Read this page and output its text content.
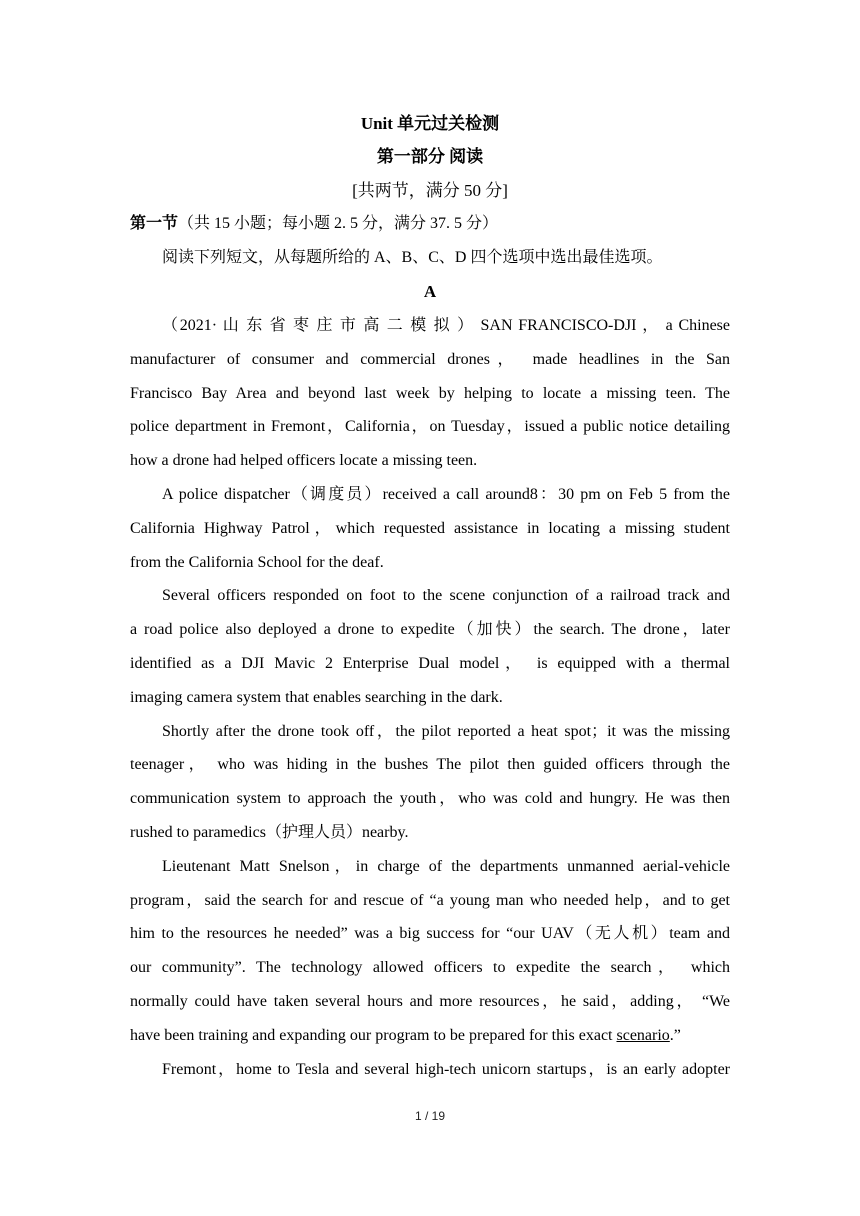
Unit 单元过关检测
第一部分 阅读
[共两节，满分 50 分]
第一节（共 15 小题；每小题 2. 5 分，满分 37. 5 分）
阅读下列短文，从每题所给的 A、B、C、D 四个选项中选出最佳选项。
A
（2021· 山 东 省 枣 庄 市 高 二 模 拟 ） SAN FRANCISCO-DJI ， a Chinese
manufacturer of consumer and commercial drones， made headlines in the San
Francisco Bay Area and beyond last week by helping to locate a missing teen. The
police department in Fremont，California，on Tuesday，issued a public notice detailing
how a drone had helped officers locate a missing teen.
A police dispatcher（调度员）received a call around8：30 pm on Feb 5 from the
California Highway Patrol，which requested assistance in locating a missing student
from the California School for the deaf.
Several officers responded on foot to the scene conjunction of a railroad track and
a road police also deployed a drone to expedite（加快）the search. The drone，later
identified as a DJI Mavic 2 Enterprise Dual model， is equipped with a thermal
imaging camera system that enables searching in the dark.
Shortly after the drone took off，the pilot reported a heat spot；it was the missing
teenager， who was hiding in the bushes The pilot then guided officers through the
communication system to approach the youth，who was cold and hungry. He was then
rushed to paramedics（护理人员）nearby.
Lieutenant Matt Snelson，in charge of the departments unmanned aerial-vehicle
program，said the search for and rescue of “a young man who needed help，and to get
him to the resources he needed” was a big success for “our UAV（无人机）team and
our community”. The technology allowed officers to expedite the search， which
normally could have taken several hours and more resources，he said，adding， “We
have been training and expanding our program to be prepared for this exact scenario.”
Fremont，home to Tesla and several high-tech unicorn startups，is an early adopter
1 / 19
